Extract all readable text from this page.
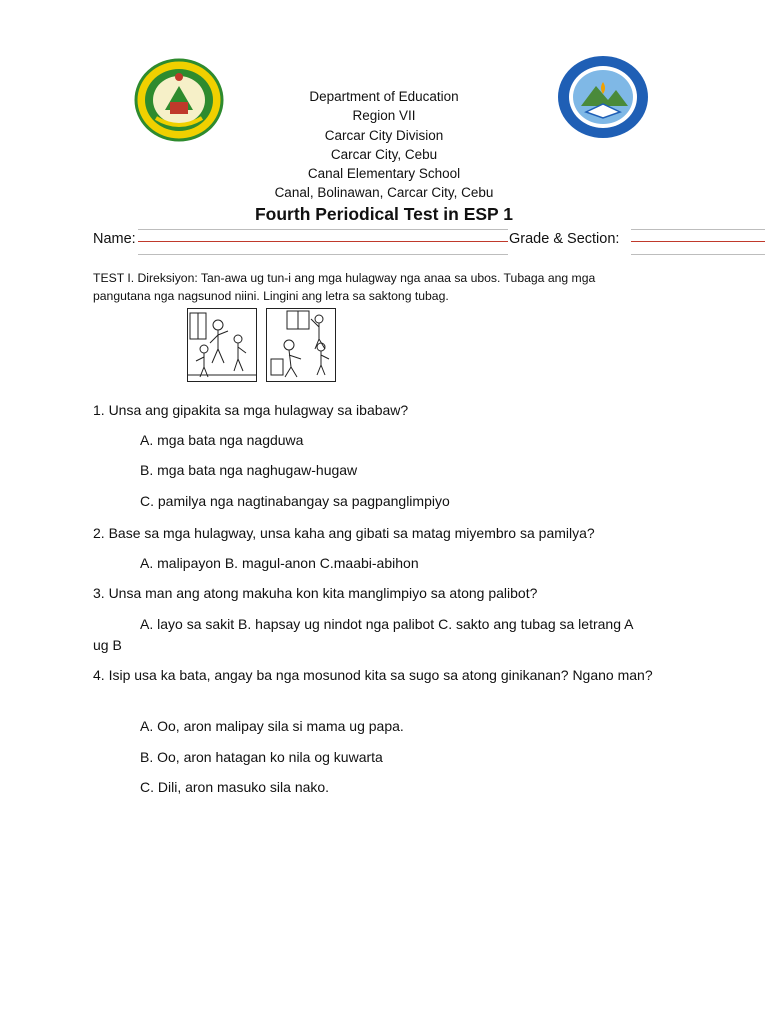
Department of Education
Region VII
Carcar City Division
Carcar City, Cebu
Canal Elementary School
Canal, Bolinawan, Carcar City, Cebu
Fourth Periodical Test in ESP 1
Name:	Grade & Section:
TEST I. Direksiyon: Tan-awa ug tun-i ang mga hulagway nga anaa sa ubos. Tubaga ang mga pangutana nga nagsunod niini. Lingini ang letra sa saktong tubag.
1. Unsa ang gipakita sa mga hulagway sa ibabaw?
A. mga bata nga nagduwa
B. mga bata nga naghugaw-hugaw
C. pamilya nga nagtinabangay sa pagpanglimpiyo
2. Base sa mga hulagway, unsa kaha ang gibati sa matag miyembro sa pamilya?
A. malipayon B. magul-anon C.maabi-abihon
3. Unsa man ang atong makuha kon kita manglimpiyo sa atong palibot?
A. layo sa sakit B. hapsay ug nindot nga palibot C. sakto ang tubag sa letrang A ug B
4. Isip usa ka bata, angay ba nga mosunod kita sa sugo sa atong ginikanan? Ngano man?
A. Oo, aron malipay sila si mama ug papa.
B. Oo, aron hatagan ko nila og kuwarta
C. Dili, aron masuko sila nako.
